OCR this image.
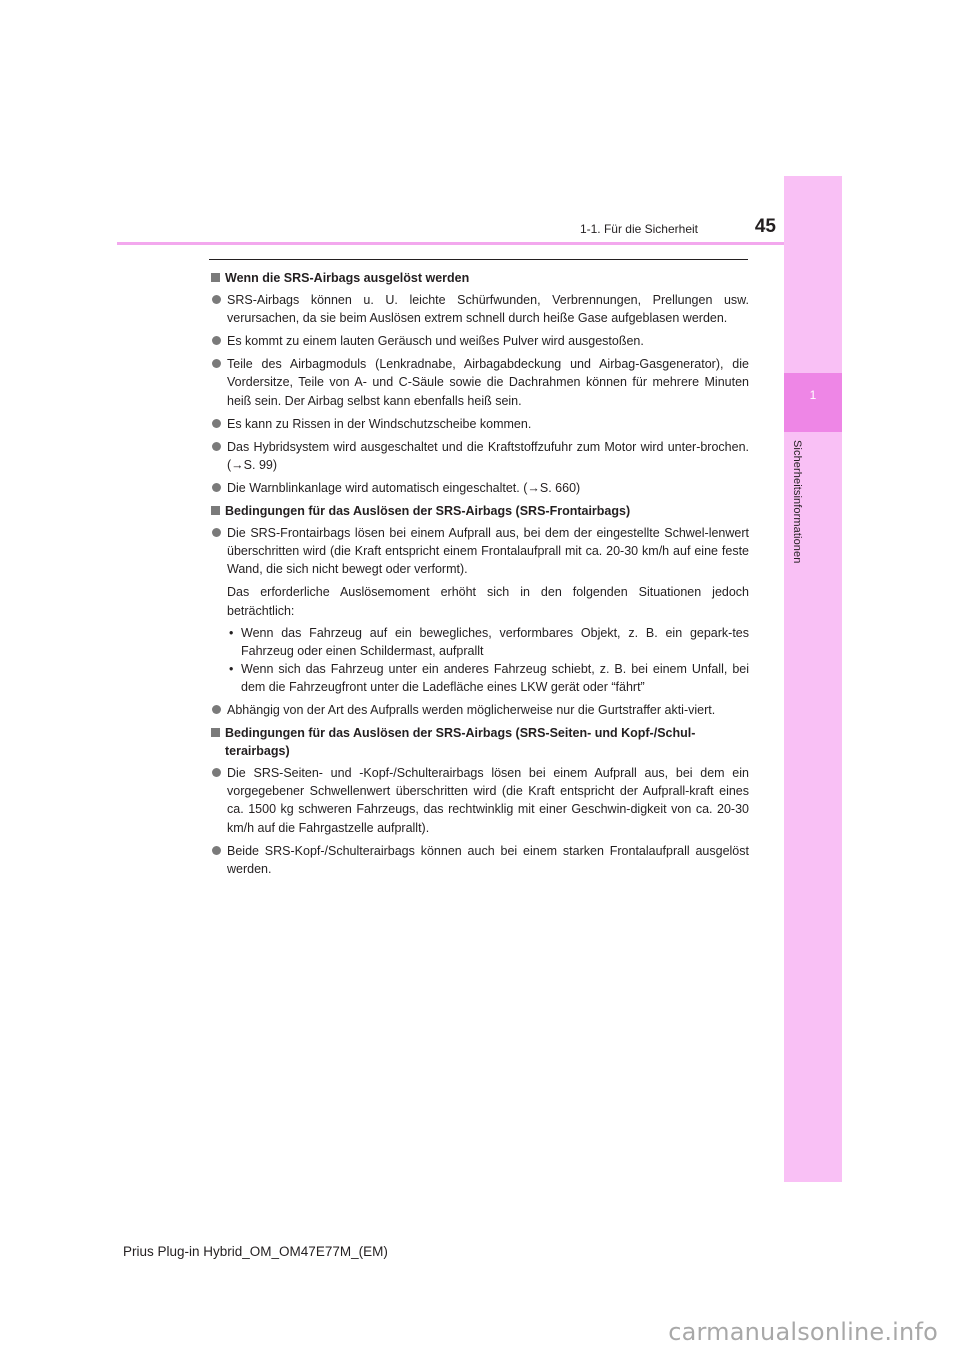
1
Sicherheitsinformationen
1-1. Für die Sicherheit	45
Wenn die SRS-Airbags ausgelöst werden
SRS-Airbags können u. U. leichte Schürfwunden, Verbrennungen, Prellungen usw. verursachen, da sie beim Auslösen extrem schnell durch heiße Gase aufgeblasen werden.
Es kommt zu einem lauten Geräusch und weißes Pulver wird ausgestoßen.
Teile des Airbagmoduls (Lenkradnabe, Airbagabdeckung und Airbag-Gasgenerator), die Vordersitze, Teile von A- und C-Säule sowie die Dachrahmen können für mehrere Minuten heiß sein. Der Airbag selbst kann ebenfalls heiß sein.
Es kann zu Rissen in der Windschutzscheibe kommen.
Das Hybridsystem wird ausgeschaltet und die Kraftstoffzufuhr zum Motor wird unter-brochen. (→S. 99)
Die Warnblinkanlage wird automatisch eingeschaltet. (→S. 660)
Bedingungen für das Auslösen der SRS-Airbags (SRS-Frontairbags)
Die SRS-Frontairbags lösen bei einem Aufprall aus, bei dem der eingestellte Schwel-lenwert überschritten wird (die Kraft entspricht einem Frontalaufprall mit ca. 20-30 km/h auf eine feste Wand, die sich nicht bewegt oder verformt).
Das erforderliche Auslösemoment erhöht sich in den folgenden Situationen jedoch beträchtlich:
• Wenn das Fahrzeug auf ein bewegliches, verformbares Objekt, z. B. ein gepark-tes Fahrzeug oder einen Schildermast, aufprallt
• Wenn sich das Fahrzeug unter ein anderes Fahrzeug schiebt, z. B. bei einem Unfall, bei dem die Fahrzeugfront unter die Ladefläche eines LKW gerät oder “fährt”
Abhängig von der Art des Aufpralls werden möglicherweise nur die Gurtstraffer akti-viert.
Bedingungen für das Auslösen der SRS-Airbags (SRS-Seiten- und Kopf-/Schul-terairbags)
Die SRS-Seiten- und -Kopf-/Schulterairbags lösen bei einem Aufprall aus, bei dem ein vorgegebener Schwellenwert überschritten wird (die Kraft entspricht der Aufprall-kraft eines ca. 1500 kg schweren Fahrzeugs, das rechtwinklig mit einer Geschwin-digkeit von ca. 20-30 km/h auf die Fahrgastzelle aufprallt).
Beide SRS-Kopf-/Schulterairbags können auch bei einem starken Frontalaufprall ausgelöst werden.
Prius Plug-in Hybrid_OM_OM47E77M_(EM)
carmanualsonline.info
